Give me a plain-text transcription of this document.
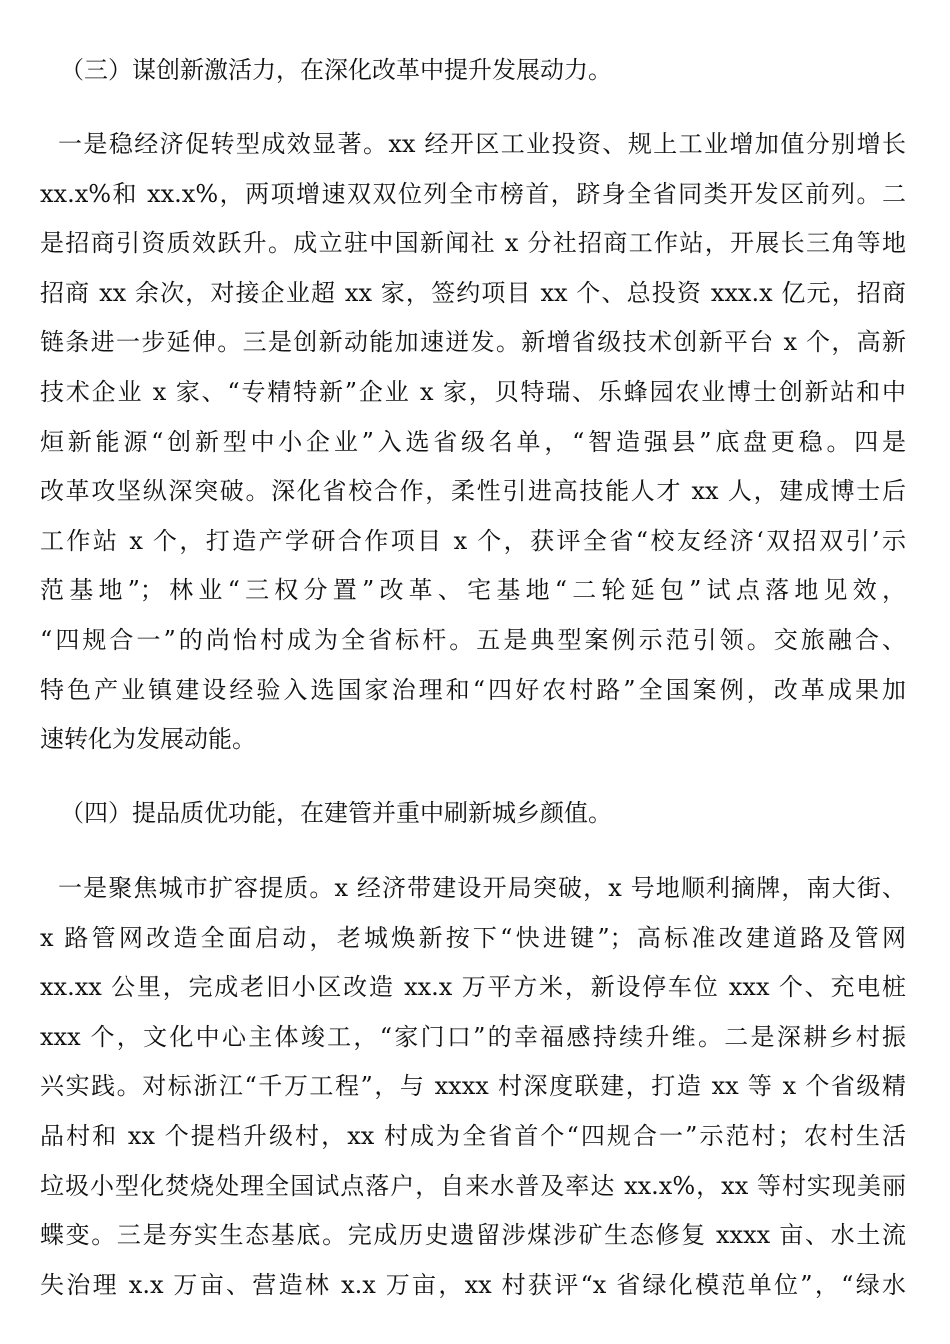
（三）谋创新激活力，在深化改革中提升发展动力。
一是稳经济促转型成效显著。xx 经开区工业投资、规上工业增加值分别增长
xx.x%和 xx.x%，两项增速双双位列全市榜首，跻身全省同类开发区前列。二
是招商引资质效跃升。成立驻中国新闻社 x 分社招商工作站，开展长三角等地
招商 xx 余次，对接企业超 xx 家，签约项目 xx 个、总投资 xxx.x 亿元，招商
链条进一步延伸。三是创新动能加速迸发。新增省级技术创新平台 x 个，高新
技术企业 x 家、“专精特新”企业 x 家，贝特瑞、乐蜂园农业博士创新站和中
烜新能源“创新型中小企业”入选省级名单，“智造强县”底盘更稳。四是
改革攻坚纵深突破。深化省校合作，柔性引进高技能人才 xx 人，建成博士后
工作站 x 个，打造产学研合作项目 x 个，获评全省“校友经济‘双招双引’示
范基地”；林业“三权分置”改革、宅基地“二轮延包”试点落地见效，
“四规合一”的尚怡村成为全省标杆。五是典型案例示范引领。交旅融合、
特色产业镇建设经验入选国家治理和“四好农村路”全国案例，改革成果加
速转化为发展动能。
（四）提品质优功能，在建管并重中刷新城乡颜值。
一是聚焦城市扩容提质。x 经济带建设开局突破，x 号地顺利摘牌，南大街、
x 路管网改造全面启动，老城焕新按下“快进键”；高标准改建道路及管网
xx.xx 公里，完成老旧小区改造 xx.x 万平方米，新设停车位 xxx 个、充电桩
xxx 个，文化中心主体竣工，“家门口”的幸福感持续升维。二是深耕乡村振
兴实践。对标浙江“千万工程”，与 xxxx 村深度联建，打造 xx 等 x 个省级精
品村和 xx 个提档升级村，xx 村成为全省首个“四规合一”示范村；农村生活
垃圾小型化焚烧处理全国试点落户，自来水普及率达 xx.x%，xx 等村实现美丽
蝶变。三是夯实生态基底。完成历史遗留涉煤涉矿生态修复 xxxx 亩、水土流
失治理 x.x 万亩、营造林 x.x 万亩，xx 村获评“x 省绿化模范单位”，“绿水
